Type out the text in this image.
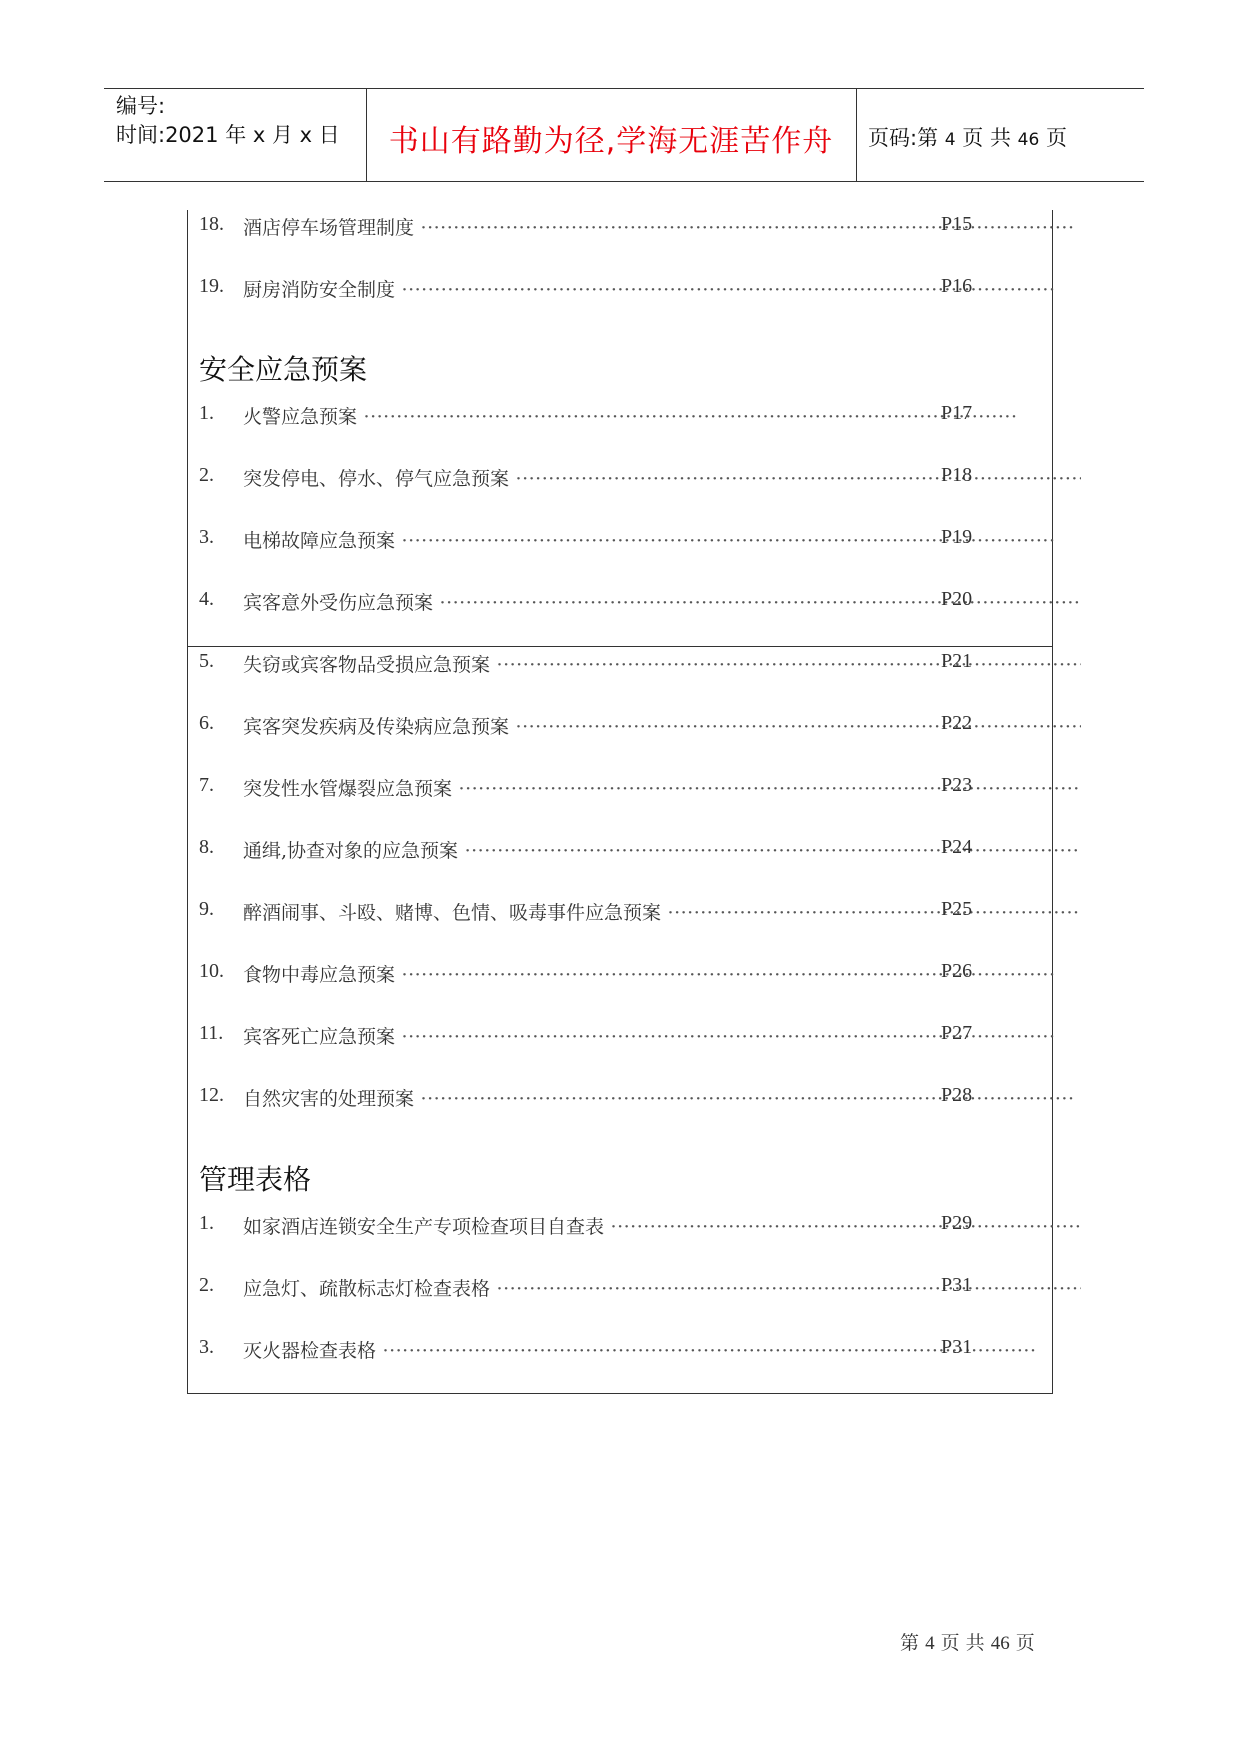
编号:
时间:2021 年 x 月 x 日	书山有路勤为径,学海无涯苦作舟	页码:第 4 页 共 46 页
18. 酒店停车场管理制度 ·····	P15
19. 厨房消防安全制度 ·····	P16
安全应急预案
1. 火警应急预案 ·····	P17
2. 突发停电、停水、停气应急预案 ·····	P18
3. 电梯故障应急预案 ·····	P19
4. 宾客意外受伤应急预案 ·····	P20
5. 失窃或宾客物品受损应急预案 ·····	P21
6. 宾客突发疾病及传染病应急预案 ·····	P22
7. 突发性水管爆裂应急预案 ·····	P23
8. 通缉,协查对象的应急预案 ·····	P24
9. 醉酒闹事、斗殴、赌博、色情、吸毒事件应急预案 ·····	P25
10. 食物中毒应急预案 ·····	P26
11. 宾客死亡应急预案 ·····	P27
12. 自然灾害的处理预案 ·····	P28
管理表格
1. 如家酒店连锁安全生产专项检查项目自查表 ·····	P29
2. 应急灯、疏散标志灯检查表格 ·····	P31
3. 灭火器检查表格 ·····	P31
第 4 页 共 46 页
